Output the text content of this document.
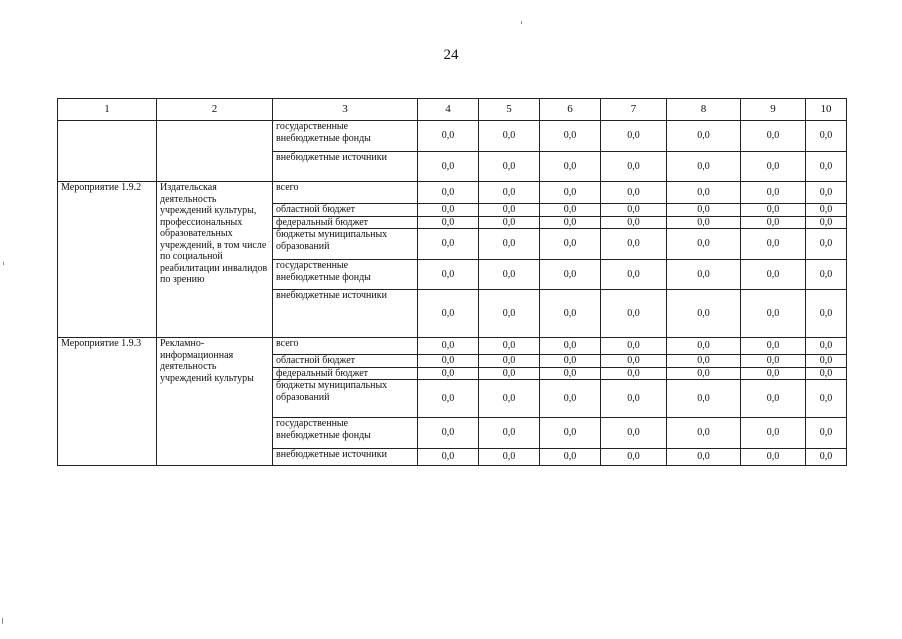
24
1	2	3	4	5	6	7	8	9	10
		государственные внебюджетные фонды	0,0	0,0	0,0	0,0	0,0	0,0	0,0
		внебюджетные источники	0,0	0,0	0,0	0,0	0,0	0,0	0,0
Мероприятие 1.9.2	Издательская деятельность учреждений культуры, профессиональных образовательных учреждений, в том числе по социальной реабилитации инвалидов по зрению	всего	0,0	0,0	0,0	0,0	0,0	0,0	0,0
		областной бюджет	0,0	0,0	0,0	0,0	0,0	0,0	0,0
		федеральный бюджет	0,0	0,0	0,0	0,0	0,0	0,0	0,0
		бюджеты муниципальных образований	0,0	0,0	0,0	0,0	0,0	0,0	0,0
		государственные внебюджетные фонды	0,0	0,0	0,0	0,0	0,0	0,0	0,0
		внебюджетные источники	0,0	0,0	0,0	0,0	0,0	0,0	0,0
Мероприятие 1.9.3	Рекламно-информационная деятельность учреждений культуры	всего	0,0	0,0	0,0	0,0	0,0	0,0	0,0
		областной бюджет	0,0	0,0	0,0	0,0	0,0	0,0	0,0
		федеральный бюджет	0,0	0,0	0,0	0,0	0,0	0,0	0,0
		бюджеты муниципальных образований	0,0	0,0	0,0	0,0	0,0	0,0	0,0
		государственные внебюджетные фонды	0,0	0,0	0,0	0,0	0,0	0,0	0,0
		внебюджетные источники	0,0	0,0	0,0	0,0	0,0	0,0	0,0
